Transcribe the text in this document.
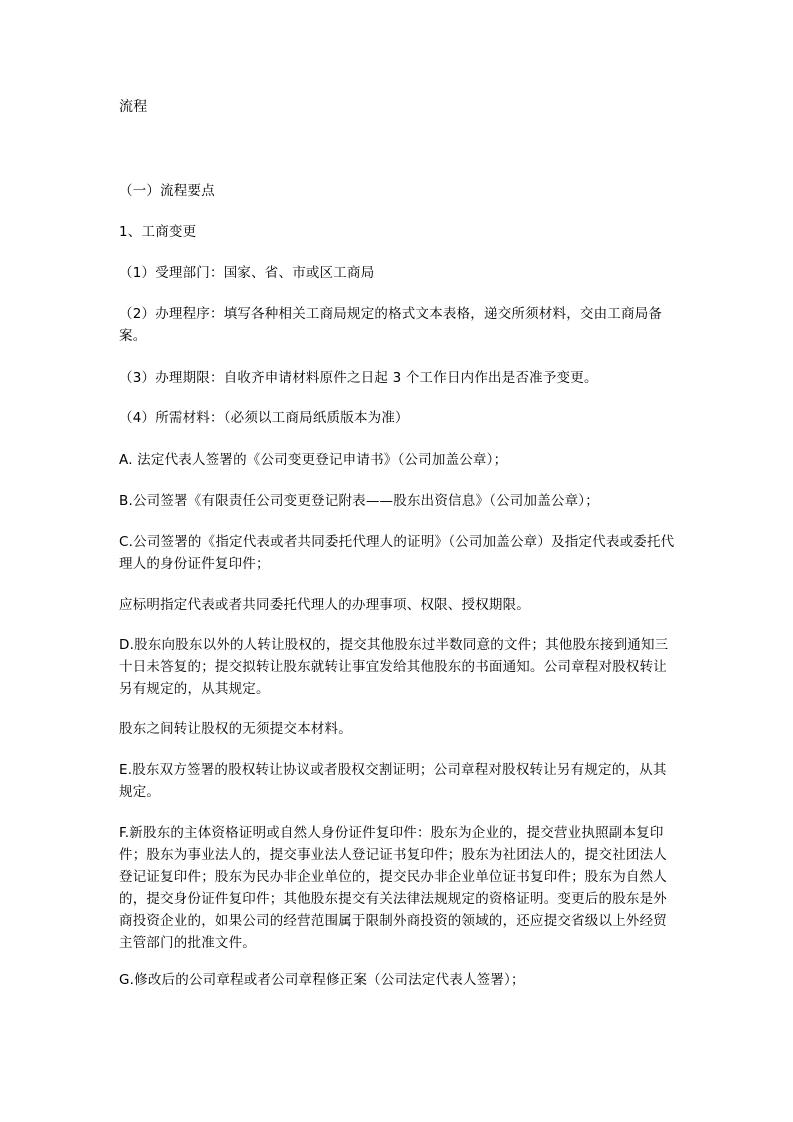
流程
（一）流程要点
1、工商变更
（1）受理部门：国家、省、市或区工商局
（2）办理程序：填写各种相关工商局规定的格式文本表格，递交所须材料，交由工商局备案。
（3）办理期限：自收齐申请材料原件之日起 3 个工作日内作出是否准予变更。
（4）所需材料：（必须以工商局纸质版本为准）
A. 法定代表人签署的《公司变更登记申请书》（公司加盖公章）；
B.公司签署《有限责任公司变更登记附表——股东出资信息》（公司加盖公章）；
C.公司签署的《指定代表或者共同委托代理人的证明》（公司加盖公章）及指定代表或委托代理人的身份证件复印件；
应标明指定代表或者共同委托代理人的办理事项、权限、授权期限。
D.股东向股东以外的人转让股权的，提交其他股东过半数同意的文件；其他股东接到通知三十日未答复的；提交拟转让股东就转让事宜发给其他股东的书面通知。公司章程对股权转让另有规定的，从其规定。
股东之间转让股权的无须提交本材料。
E.股东双方签署的股权转让协议或者股权交割证明；公司章程对股权转让另有规定的，从其规定。
F.新股东的主体资格证明或自然人身份证件复印件：股东为企业的，提交营业执照副本复印件；股东为事业法人的，提交事业法人登记证书复印件；股东为社团法人的，提交社团法人登记证复印件；股东为民办非企业单位的，提交民办非企业单位证书复印件；股东为自然人的，提交身份证件复印件；其他股东提交有关法律法规规定的资格证明。变更后的股东是外商投资企业的，如果公司的经营范围属于限制外商投资的领域的，还应提交省级以上外经贸主管部门的批准文件。
G.修改后的公司章程或者公司章程修正案（公司法定代表人签署）；
